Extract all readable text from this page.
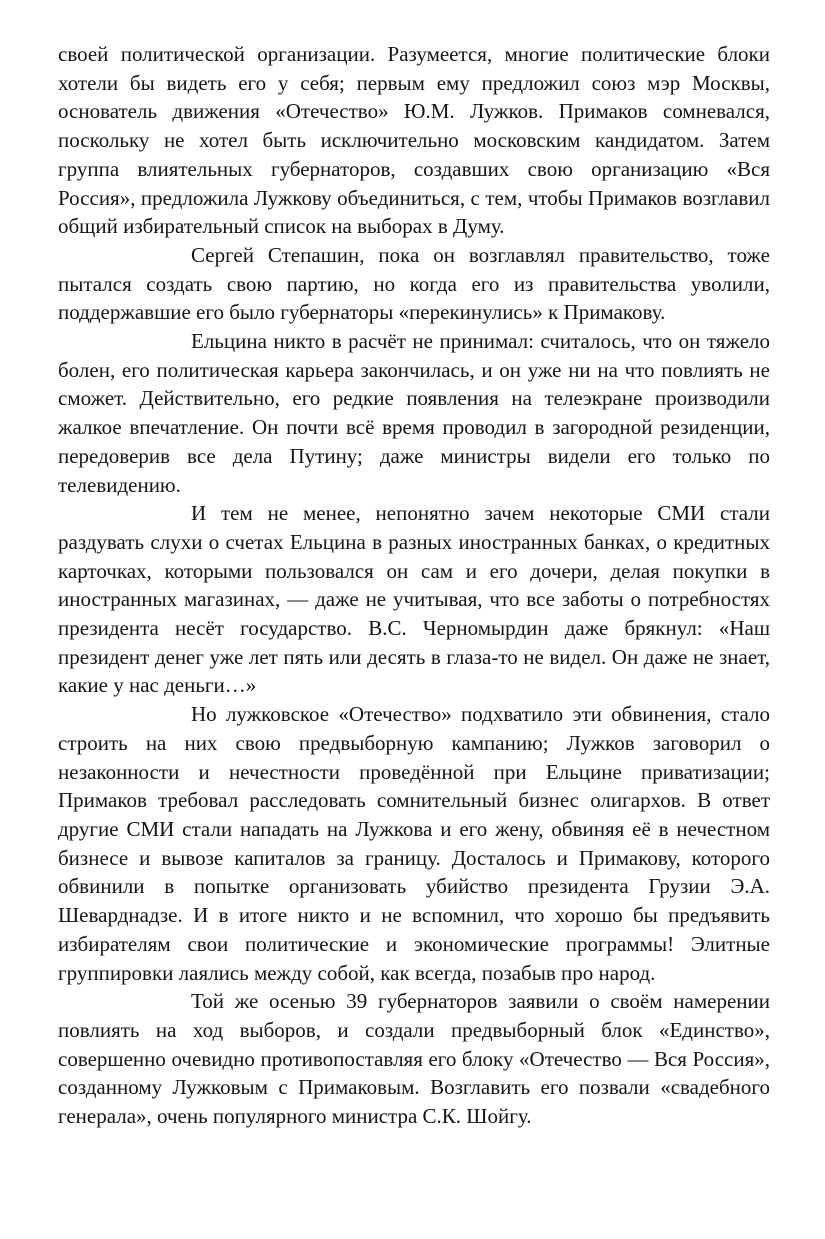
своей политической организации. Разумеется, многие политические блоки хотели бы видеть его у себя; первым ему предложил союз мэр Москвы, основатель движения «Отечество» Ю.М. Лужков. Примаков сомневался, поскольку не хотел быть исключительно московским кандидатом. Затем группа влиятельных губернаторов, создавших свою организацию «Вся Россия», предложила Лужкову объединиться, с тем, чтобы Примаков возглавил общий избирательный список на выборах в Думу.

Сергей Степашин, пока он возглавлял правительство, тоже пытался создать свою партию, но когда его из правительства уволили, поддержавшие его было губернаторы «перекинулись» к Примакову.

Ельцина никто в расчёт не принимал: считалось, что он тяжело болен, его политическая карьера закончилась, и он уже ни на что повлиять не сможет. Действительно, его редкие появления на телеэкране производили жалкое впечатление. Он почти всё время проводил в загородной резиденции, передоверив все дела Путину; даже министры видели его только по телевидению.

И тем не менее, непонятно зачем некоторые СМИ стали раздувать слухи о счетах Ельцина в разных иностранных банках, о кредитных карточках, которыми пользовался он сам и его дочери, делая покупки в иностранных магазинах, — даже не учитывая, что все заботы о потребностях президента несёт государство. В.С. Черномырдин даже брякнул: «Наш президент денег уже лет пять или десять в глаза-то не видел. Он даже не знает, какие у нас деньги…»

Но лужковское «Отечество» подхватило эти обвинения, стало строить на них свою предвыборную кампанию; Лужков заговорил о незаконности и нечестности проведённой при Ельцине приватизации; Примаков требовал расследовать сомнительный бизнес олигархов. В ответ другие СМИ стали нападать на Лужкова и его жену, обвиняя её в нечестном бизнесе и вывозе капиталов за границу. Досталось и Примакову, которого обвинили в попытке организовать убийство президента Грузии Э.А. Шеварднадзе. И в итоге никто и не вспомнил, что хорошо бы предъявить избирателям свои политические и экономические программы! Элитные группировки лаялись между собой, как всегда, позабыв про народ.

Той же осенью 39 губернаторов заявили о своём намерении повлиять на ход выборов, и создали предвыборный блок «Единство», совершенно очевидно противопоставляя его блоку «Отечество — Вся Россия», созданному Лужковым с Примаковым. Возглавить его позвали «свадебного генерала», очень популярного министра С.К. Шойгу.
